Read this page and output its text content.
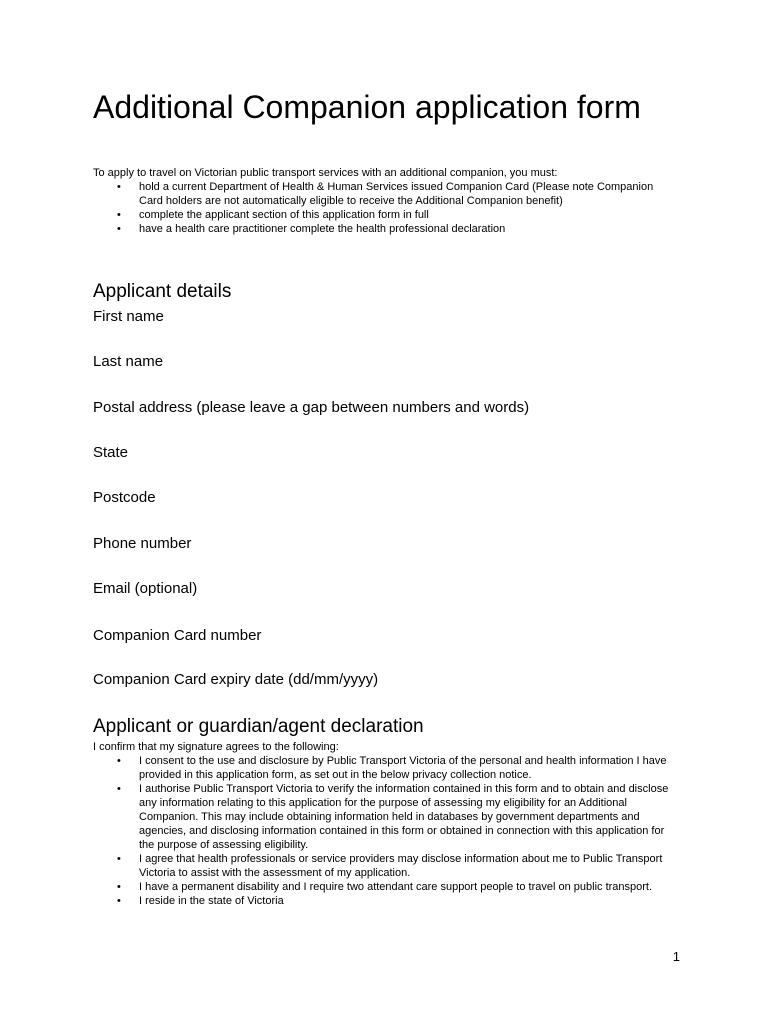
Additional Companion application form
To apply to travel on Victorian public transport services with an additional companion, you must:
• hold a current Department of Health & Human Services issued Companion Card (Please note Companion Card holders are not automatically eligible to receive the Additional Companion benefit)
• complete the applicant section of this application form in full
• have a health care practitioner complete the health professional declaration
Applicant details

First name

Last name

Postal address (please leave a gap between numbers and words)

State

Postcode

Phone number

Email (optional)

Companion Card number

Companion Card expiry date (dd/mm/yyyy)

Applicant or guardian/agent declaration
I confirm that my signature agrees to the following:
• I consent to the use and disclosure by Public Transport Victoria of the personal and health information I have provided in this application form, as set out in the below privacy collection notice.
• I authorise Public Transport Victoria to verify the information contained in this form and to obtain and disclose any information relating to this application for the purpose of assessing my eligibility for an Additional Companion. This may include obtaining information held in databases by government departments and agencies, and disclosing information contained in this form or obtained in connection with this application for the purpose of assessing eligibility.
• I agree that health professionals or service providers may disclose information about me to Public Transport Victoria to assist with the assessment of my application.
• I have a permanent disability and I require two attendant care support people to travel on public transport.
• I reside in the state of Victoria
1
